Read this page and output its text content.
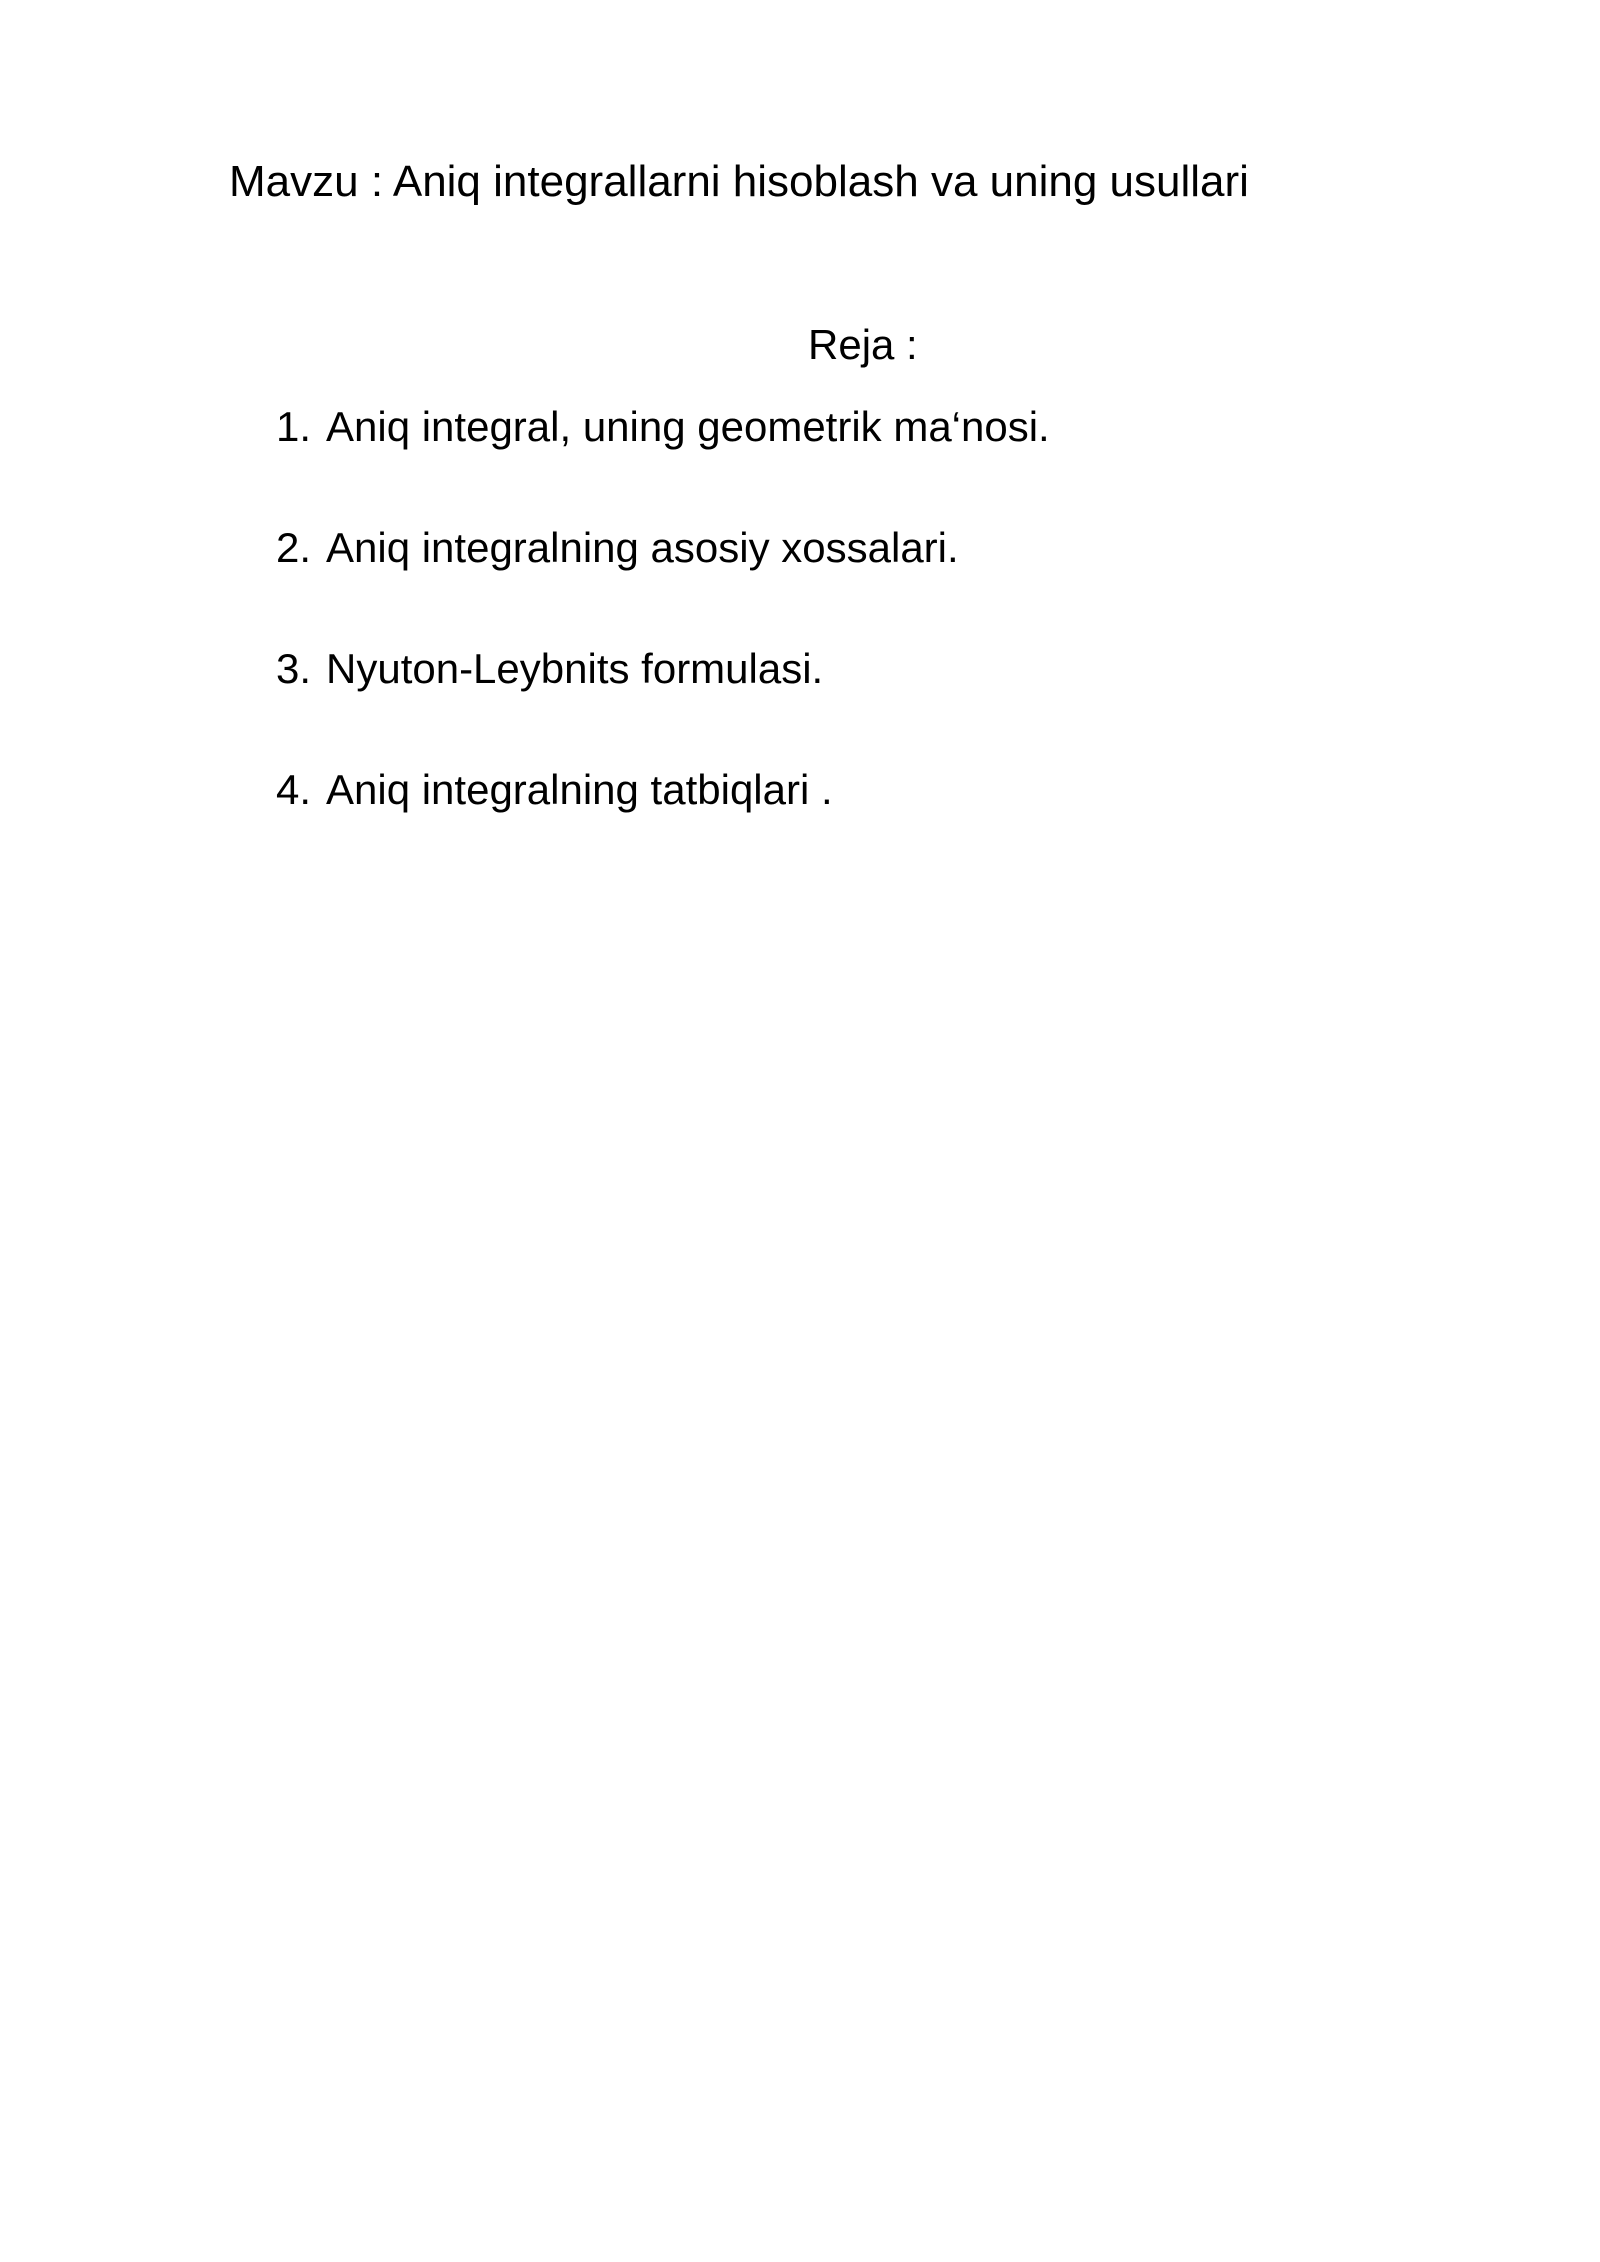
Mavzu : Aniq integrallarni hisoblash va uning usullari
Reja :
1. Aniq integral, uning geometrik ma‘nosi.
2. Aniq integralning asosiy xossalari.
3. Nyuton-Leybnits formulasi.
4. Aniq integralning tatbiqlari .
